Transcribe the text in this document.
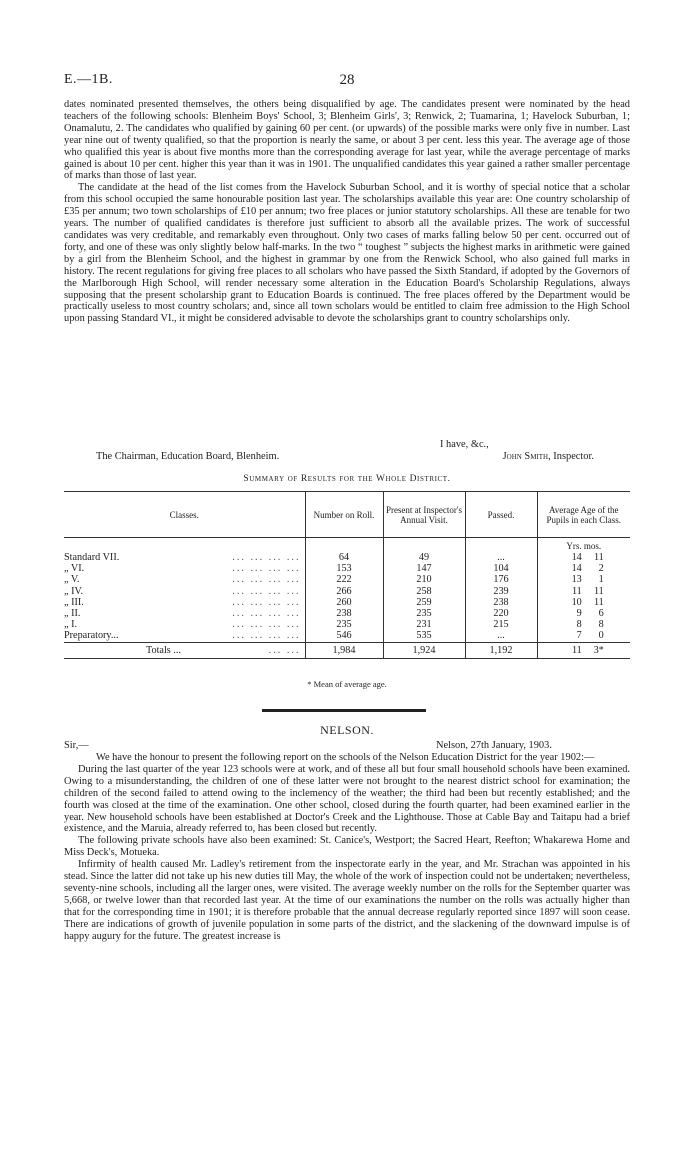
E.—1B.	28

dates nominated presented themselves, the others being disqualified by age. The candidates present were nominated by the head teachers of the following schools: Blenheim Boys' School, 3; Blenheim Girls', 3; Renwick, 2; Tuamarina, 1; Havelock Suburban, 1; Onamalutu, 2. The candidates who qualified by gaining 60 per cent. (or upwards) of the possible marks were only five in number. Last year nine out of twenty qualified, so that the proportion is nearly the same, or about 3 per cent. less this year. The average age of those who qualified this year is about five months more than the corresponding average for last year, while the average percentage of marks gained is about 10 per cent. higher this year than it was in 1901. The unqualified candidates this year gained a rather smaller percentage of marks than those of last year.

The candidate at the head of the list comes from the Havelock Suburban School, and it is worthy of special notice that a scholar from this school occupied the same honourable position last year. The scholarships available this year are: One country scholarship of £35 per annum; two town scholarships of £10 per annum; two free places or junior statutory scholarships. All these are tenable for two years. The number of qualified candidates is therefore just sufficient to absorb all the available prizes. The work of successful candidates was very creditable, and remarkably even throughout. Only two cases of marks falling below 50 per cent. occurred out of forty, and one of these was only slightly below half-marks. In the two “ toughest ” subjects the highest marks in arithmetic were gained by a girl from the Blenheim School, and the highest in grammar by one from the Renwick School, who also gained full marks in history. The recent regulations for giving free places to all scholars who have passed the Sixth Standard, if adopted by the Governors of the Marlborough High School, will render necessary some alteration in the Education Board's Scholarship Regulations, always supposing that the present scholarship grant to Education Boards is continued. The free places offered by the Department would be practically useless to most country scholars; and, since all town scholars would be entitled to claim free admission to the High School upon passing Standard VI., it might be considered advisable to devote the scholarships grant to country scholarships only.

I have, &c.,
The Chairman, Education Board, Blenheim.	John Smith, Inspector.
Summary of Results for the Whole District.
Classes.	Number on Roll.	Present at Inspector's Annual Visit.	Passed.	Average Age of the Pupils in each Class.
				Yrs. mos.
Standard VII. ... ... ... ...	64	49	...	14 11
„ VI. ... ... ... ...	153	147	104	14 2
„ V. ... ... ... ...	222	210	176	13 1
„ IV. ... ... ... ...	266	258	239	11 11
„ III. ... ... ... ...	260	259	238	10 11
„ II. ... ... ... ...	238	235	220	9 6
„ I. ... ... ... ...	235	231	215	8 8
Preparatory... ... ... ... ...	546	535	...	7 0
Totals ... ... ...	1,984	1,924	1,192	11 3*
* Mean of average age.
NELSON.
Sir,—	Nelson, 27th January, 1903.

We have the honour to present the following report on the schools of the Nelson Education District for the year 1902:—

During the last quarter of the year 123 schools were at work, and of these all but four small household schools have been examined. Owing to a misunderstanding, the children of one of these latter were not brought to the nearest district school for examination; the children of the second failed to attend owing to the inclemency of the weather; the third had been but recently established; and the fourth was closed at the time of the examination. One other school, closed during the fourth quarter, had been examined earlier in the year. New household schools have been established at Doctor's Creek and the Lighthouse. Those at Cable Bay and Taitapu had a brief existence, and the Maruia, already referred to, has been closed but recently.

The following private schools have also been examined: St. Canice's, Westport; the Sacred Heart, Reefton; Whakarewa Home and Miss Deck's, Motueka.

Infirmity of health caused Mr. Ladley's retirement from the inspectorate early in the year, and Mr. Strachan was appointed in his stead. Since the latter did not take up his new duties till May, the whole of the work of inspection could not be undertaken; nevertheless, seventy-nine schools, including all the larger ones, were visited. The average weekly number on the rolls for the September quarter was 5,668, or twelve lower than that recorded last year. At the time of our examinations the number on the rolls was actually higher than that for the corresponding time in 1901; it is therefore probable that the annual decrease regularly reported since 1897 will soon cease. There are indications of growth of juvenile population in some parts of the district, and the slackening of the downward impulse is of happy augury for the future. The greatest increase is
